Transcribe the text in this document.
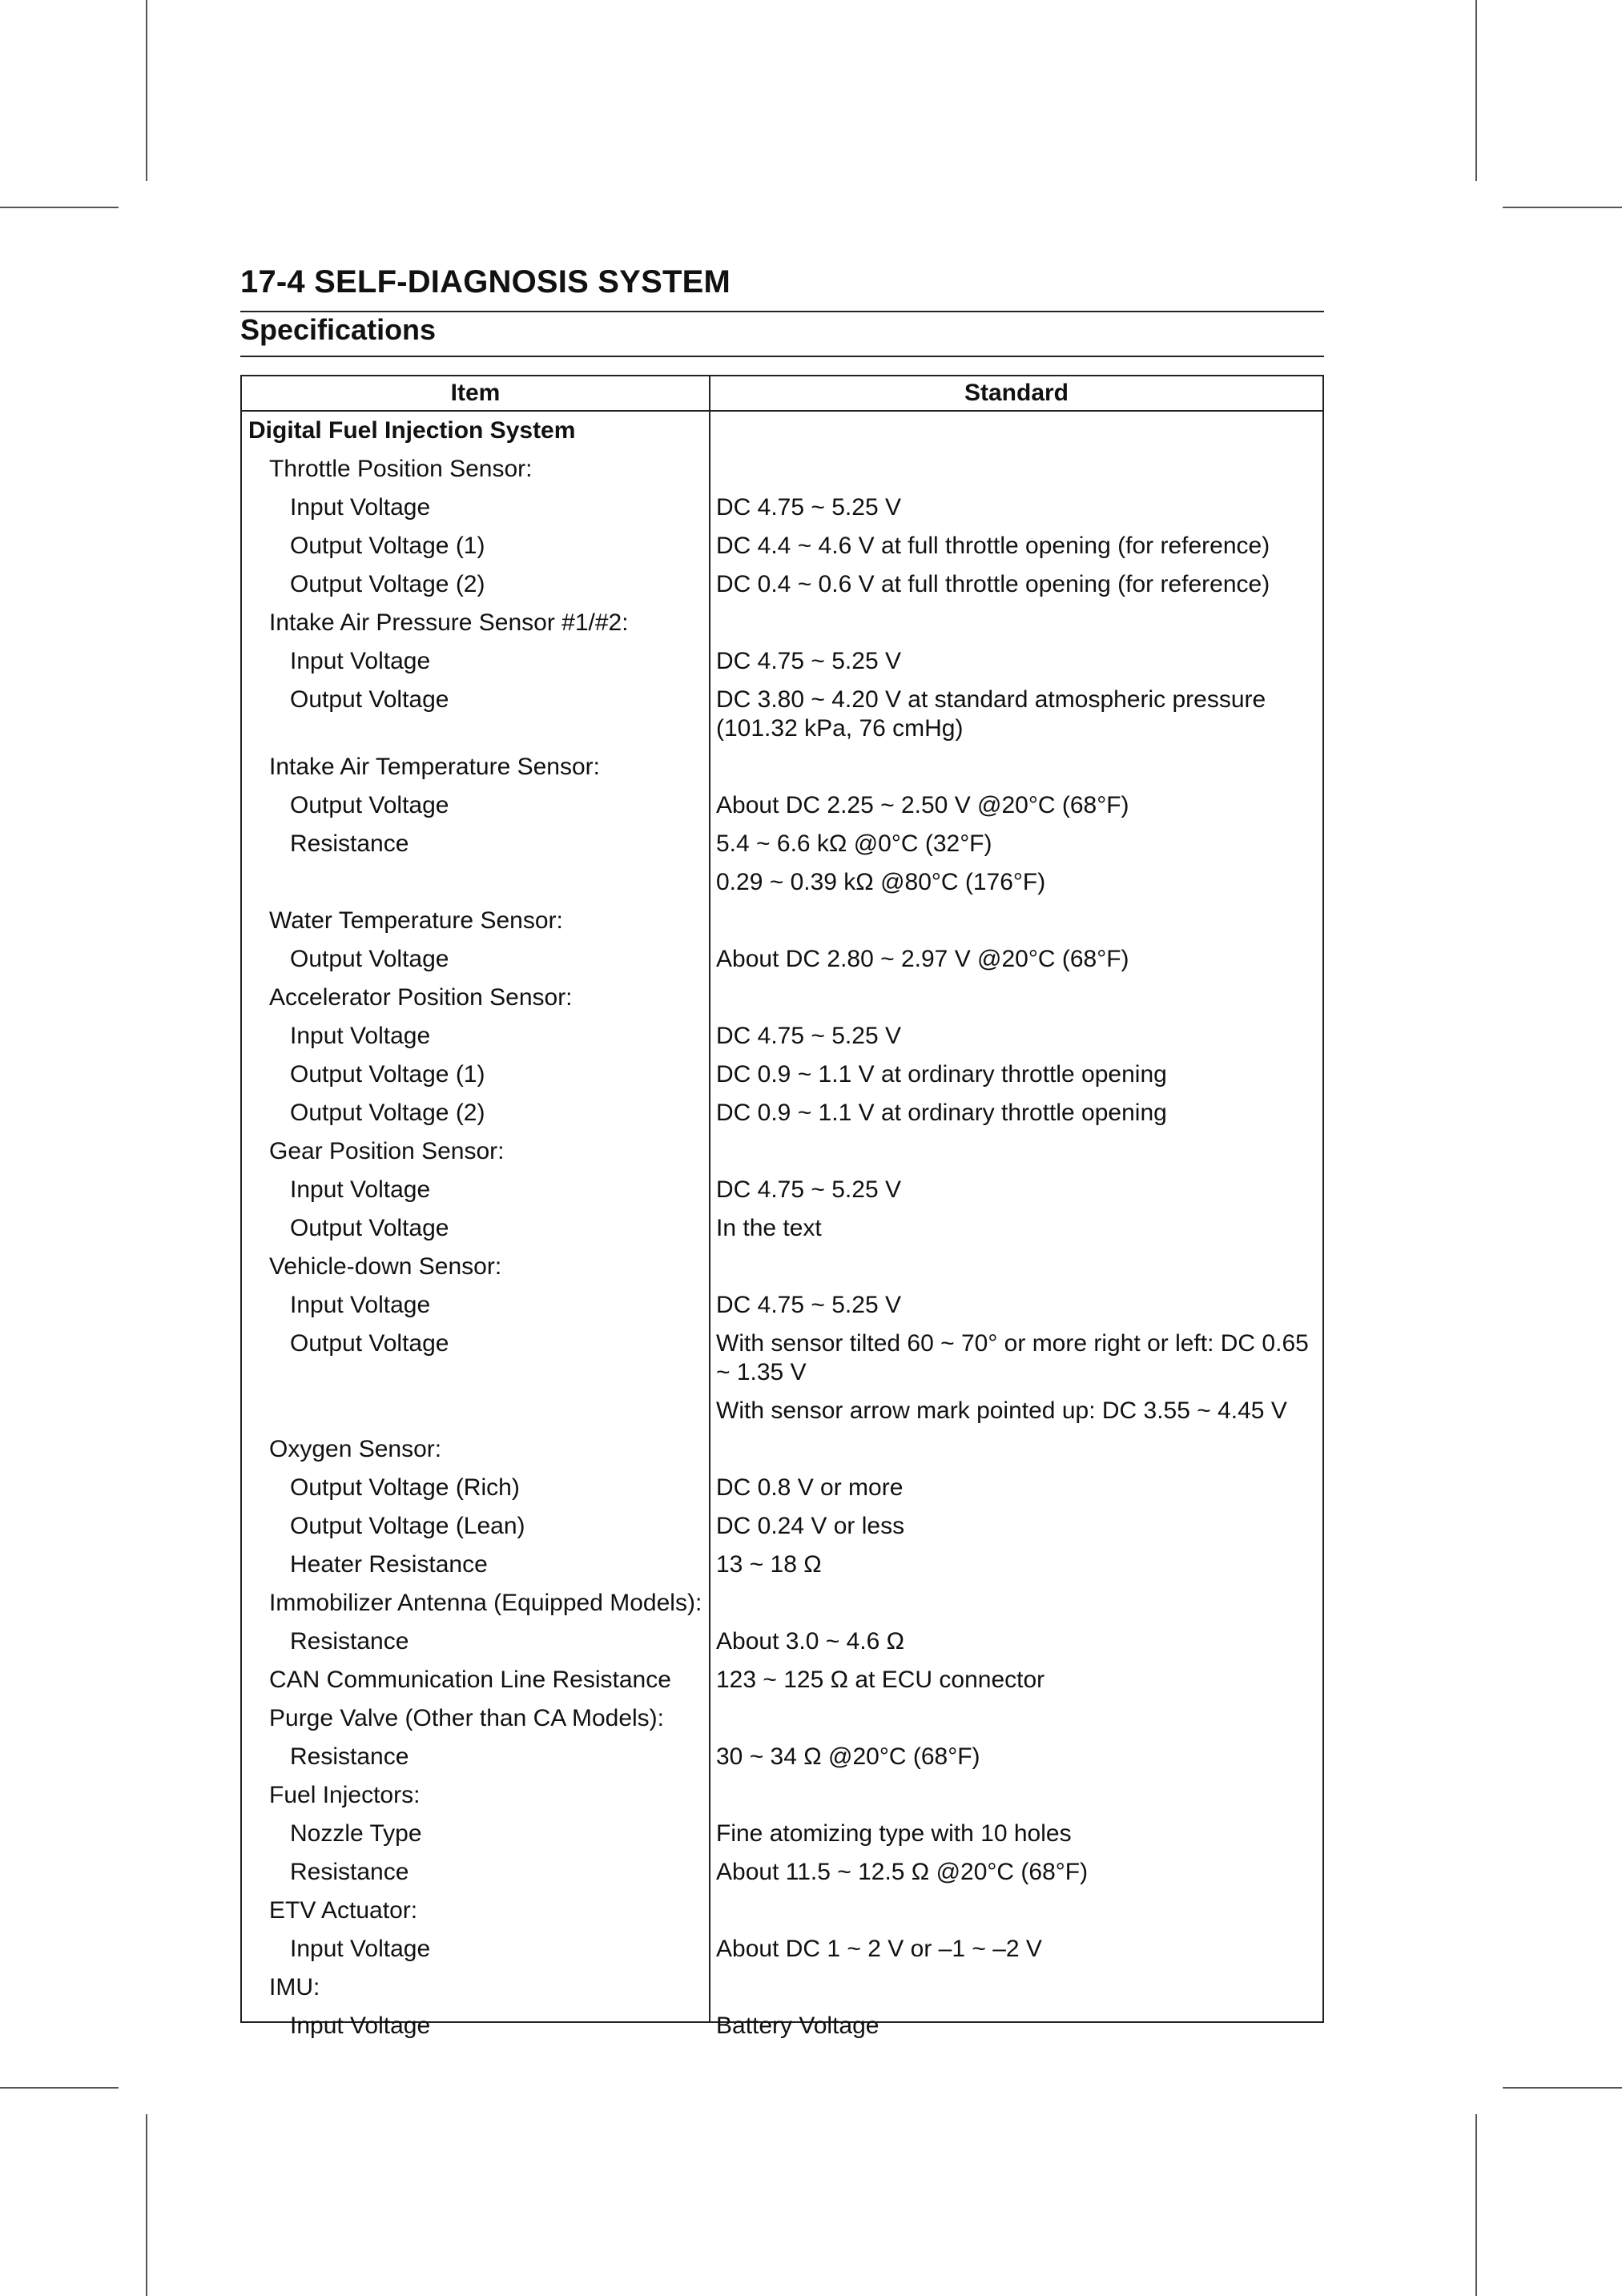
17-4 SELF-DIAGNOSIS SYSTEM
Specifications
Item	Standard
Digital Fuel Injection System
Throttle Position Sensor:
Input Voltage	DC 4.75 ~ 5.25 V
Output Voltage (1)	DC 4.4 ~ 4.6 V at full throttle opening (for reference)
Output Voltage (2)	DC 0.4 ~ 0.6 V at full throttle opening (for reference)
Intake Air Pressure Sensor #1/#2:
Input Voltage	DC 4.75 ~ 5.25 V
Output Voltage	DC 3.80 ~ 4.20 V at standard atmospheric pressure (101.32 kPa, 76 cmHg)
Intake Air Temperature Sensor:
Output Voltage	About DC 2.25 ~ 2.50 V @20°C (68°F)
Resistance	5.4 ~ 6.6 kΩ @0°C (32°F)
0.29 ~ 0.39 kΩ @80°C (176°F)
Water Temperature Sensor:
Output Voltage	About DC 2.80 ~ 2.97 V @20°C (68°F)
Accelerator Position Sensor:
Input Voltage	DC 4.75 ~ 5.25 V
Output Voltage (1)	DC 0.9 ~ 1.1 V at ordinary throttle opening
Output Voltage (2)	DC 0.9 ~ 1.1 V at ordinary throttle opening
Gear Position Sensor:
Input Voltage	DC 4.75 ~ 5.25 V
Output Voltage	In the text
Vehicle-down Sensor:
Input Voltage	DC 4.75 ~ 5.25 V
Output Voltage	With sensor tilted 60 ~ 70° or more right or left: DC 0.65 ~ 1.35 V
With sensor arrow mark pointed up: DC 3.55 ~ 4.45 V
Oxygen Sensor:
Output Voltage (Rich)	DC 0.8 V or more
Output Voltage (Lean)	DC 0.24 V or less
Heater Resistance	13 ~ 18 Ω
Immobilizer Antenna (Equipped Models):
Resistance	About 3.0 ~ 4.6 Ω
CAN Communication Line Resistance	123 ~ 125 Ω at ECU connector
Purge Valve (Other than CA Models):
Resistance	30 ~ 34 Ω @20°C (68°F)
Fuel Injectors:
Nozzle Type	Fine atomizing type with 10 holes
Resistance	About 11.5 ~ 12.5 Ω @20°C (68°F)
ETV Actuator:
Input Voltage	About DC 1 ~ 2 V or –1 ~ –2 V
IMU:
Input Voltage	Battery Voltage
